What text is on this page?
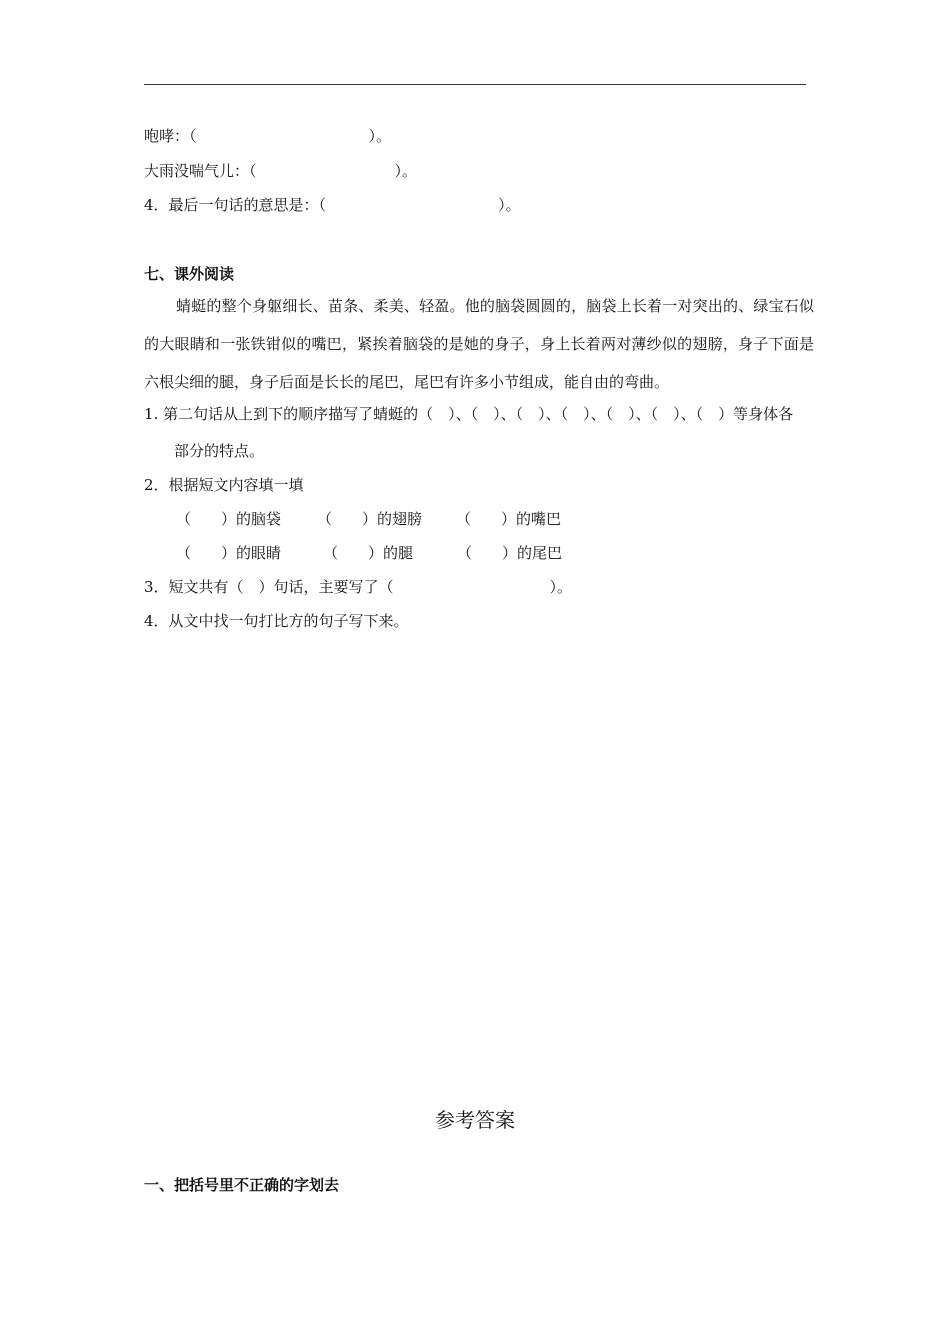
咆哮：（	）。
大雨没喘气儿：（	）。
4．最后一句话的意思是：（	）。
七、课外阅读

蜻蜓的整个身躯细长、苗条、柔美、轻盈。他的脑袋圆圆的，脑袋上长着一对突出的、绿宝石似的大眼睛和一张铁钳似的嘴巴，紧挨着脑袋的是她的身子，身上长着两对薄纱似的翅膀，身子下面是六根尖细的腿，身子后面是长长的尾巴，尾巴有许多小节组成，能自由的弯曲。

1. 第二句话从上到下的顺序描写了蜻蜓的（　）、（　）、（　）、（　）、（　）、（　）、（　）等身体各
部分的特点。
2．根据短文内容填一填
（　　）的脑袋 （　　）的翅膀 （　　）的嘴巴
（　　）的眼睛	（　　）的腿	（　　）的尾巴
3．短文共有（　）句话，主要写了（	）。
4．从文中找一句打比方的句子写下来。
参考答案
一、把括号里不正确的字划去
